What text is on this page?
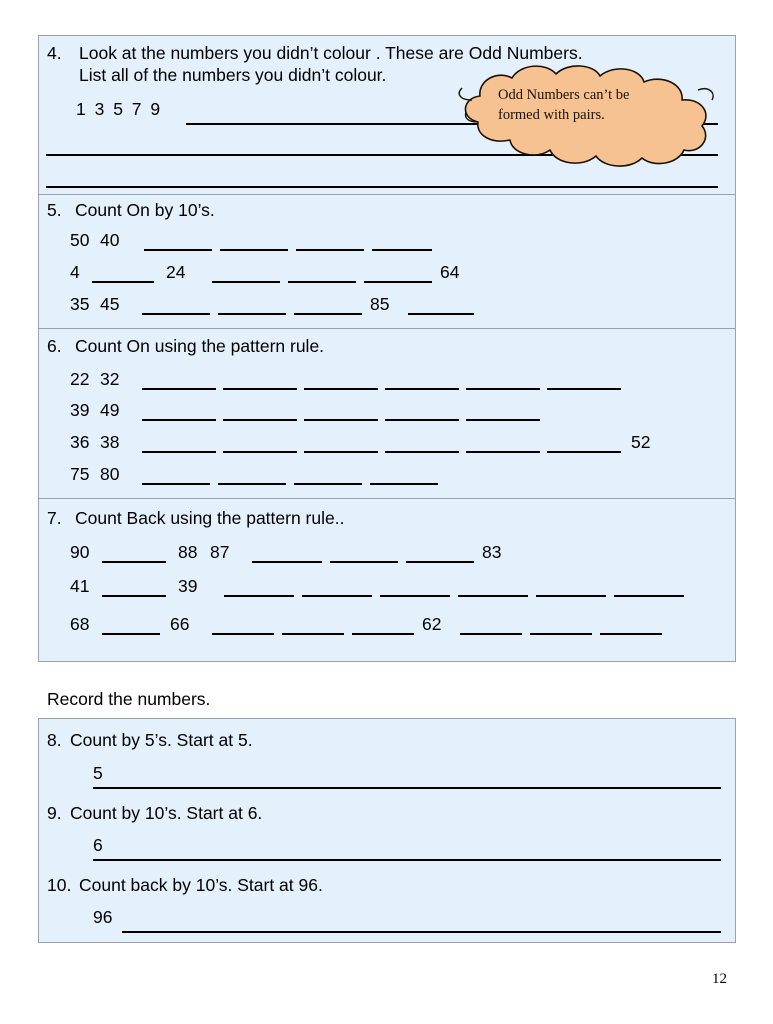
4. Look at the numbers you didn’t colour . These are Odd Numbers.
List all of the numbers you didn’t colour.
1 3 5 7 9
Odd Numbers can’t be
formed with pairs.
5. Count On by 10’s.
50 40
4	24	64
35 45	85
6. Count On using the pattern rule.
22 32
39 49
36 38	52
75 80
7. Count Back using the pattern rule..
90	88 87	83
41	39
68	66	62
Record the numbers.
8. Count by 5’s. Start at 5.
5
9. Count by 10’s. Start at 6.
6
10. Count back by 10’s. Start at 96.
96
12
